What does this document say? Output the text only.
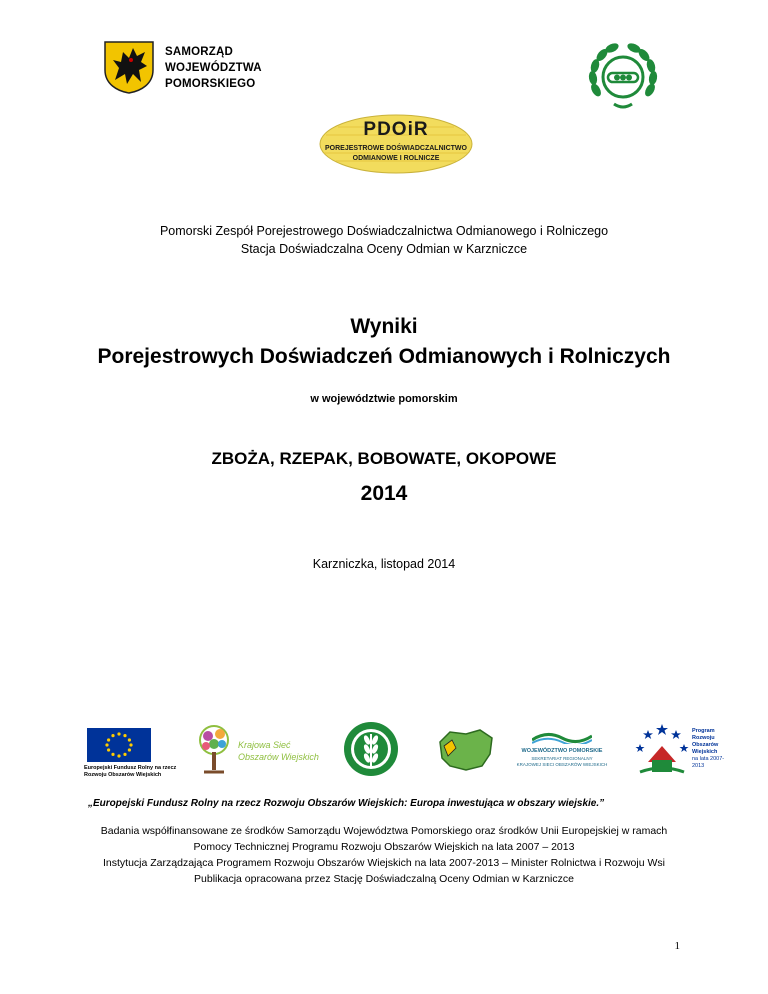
SAMORZĄD
WOJEWÓDZTWA POMORSKIEGO
PDOiR
POREJESTROWE DOŚWIADCZALNICTWO
ODMIANOWE I ROLNICZE
Pomorski Zespół Porejestrowego Doświadczalnictwa Odmianowego i Rolniczego
Stacja Doświadczalna Oceny Odmian w Karzniczce
Wyniki
Porejestrowych Doświadczeń Odmianowych i Rolniczych
w województwie pomorskim
ZBOŻA, RZEPAK, BOBOWATE, OKOPOWE
2014
Karzniczka, listopad 2014
Europejski Fundusz Rolny na rzecz
Rozwoju Obszarów Wiejskich
Krajowa Sieć
Obszarów Wiejskich
WOJEWÓDZTWO POMORSKIE
SEKRETARIAT REGIONALNY
KRAJOWEJ SIECI OBSZARÓW WIEJSKICH
Program
Rozwoju
Obszarów
Wiejskich
na lata 2007-2013
„Europejski Fundusz Rolny na rzecz Rozwoju Obszarów Wiejskich: Europa inwestująca w obszary wiejskie.”
Badania współfinansowane ze środków Samorządu Województwa Pomorskiego oraz środków Unii Europejskiej w ramach
Pomocy Technicznej Programu Rozwoju Obszarów Wiejskich na lata 2007 – 2013
Instytucja Zarządzająca Programem Rozwoju Obszarów Wiejskich na lata 2007-2013 – Minister Rolnictwa i Rozwoju Wsi
Publikacja opracowana przez Stację Doświadczalną Oceny Odmian w Karzniczce
1
